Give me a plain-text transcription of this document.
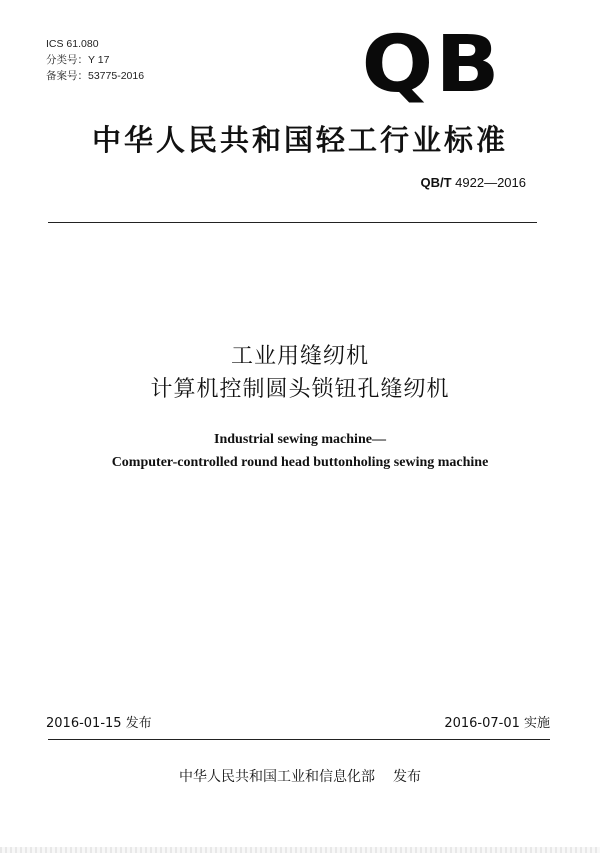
ICS 61.080
分类号：Y 17
备案号：53775-2016	QB
中华人民共和国轻工行业标准
QB/T 4922—2016
工业用缝纫机
计算机控制圆头锁钮孔缝纫机
Industrial sewing machine—
Computer-controlled round head buttonholing sewing machine
2016-01-15 发布	2016-07-01 实施
中华人民共和国工业和信息化部 发布
